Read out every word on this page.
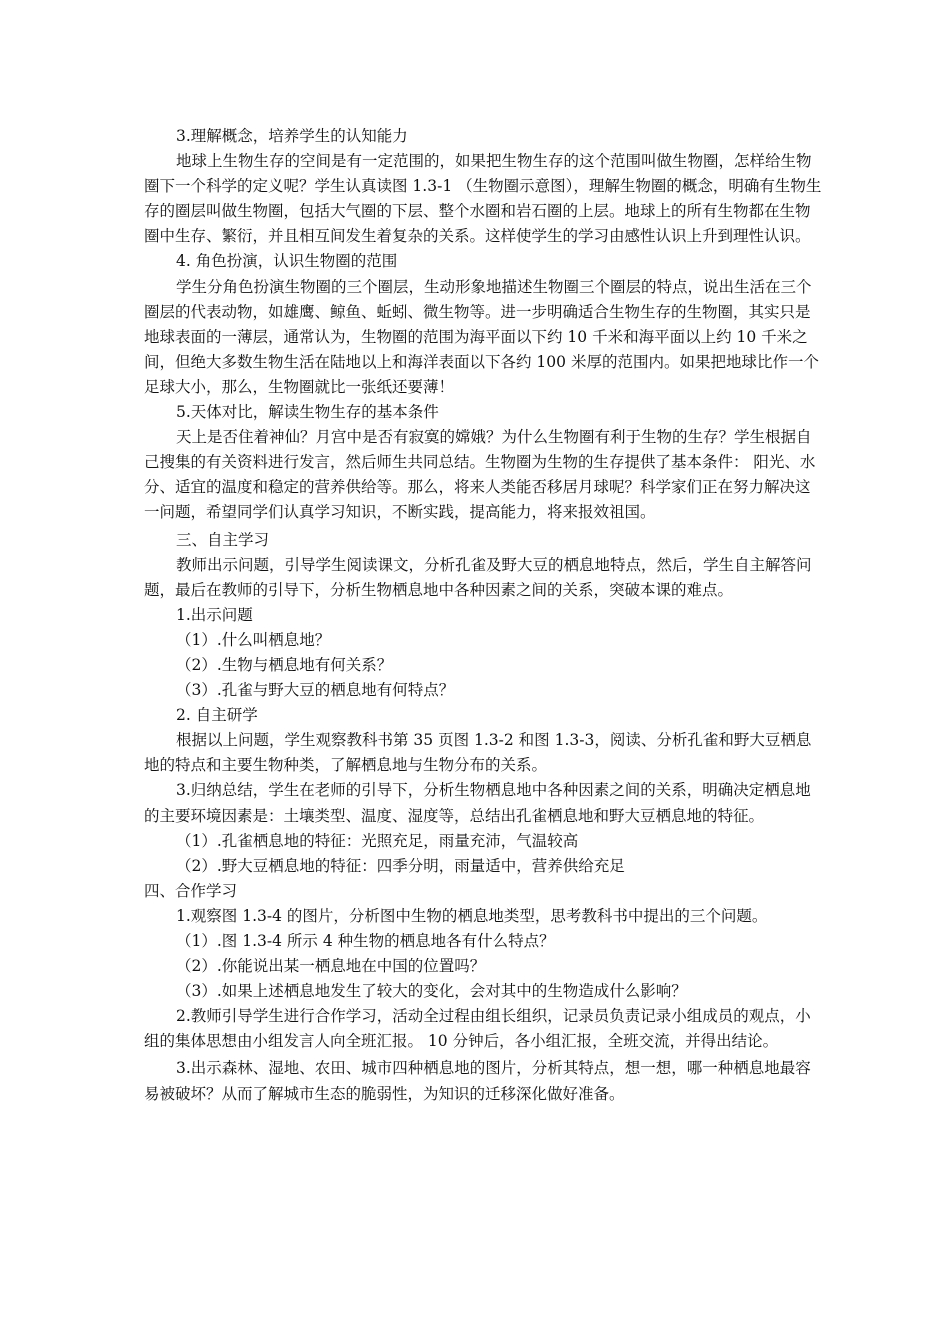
3.理解概念，培养学生的认知能力

地球上生物生存的空间是有一定范围的，如果把生物生存的这个范围叫做生物圈，怎样给生物圈下一个科学的定义呢？学生认真读图 1.3-1 （生物圈示意图），理解生物圈的概念，明确有生物生存的圈层叫做生物圈，包括大气圈的下层、整个水圈和岩石圈的上层。地球上的所有生物都在生物圈中生存、繁衍，并且相互间发生着复杂的关系。这样使学生的学习由感性认识上升到理性认识。

4. 角色扮演，认识生物圈的范围

学生分角色扮演生物圈的三个圈层，生动形象地描述生物圈三个圈层的特点，说出生活在三个圈层的代表动物，如雄鹰、鲸鱼、蚯蚓、微生物等。进一步明确适合生物生存的生物圈，其实只是地球表面的一薄层，通常认为，生物圈的范围为海平面以下约 10 千米和海平面以上约 10 千米之间，但绝大多数生物生活在陆地以上和海洋表面以下各约 100 米厚的范围内。如果把地球比作一个足球大小，那么，生物圈就比一张纸还要薄！

5.天体对比，解读生物生存的基本条件

天上是否住着神仙？月宫中是否有寂寞的嫦娥？为什么生物圈有利于生物的生存？学生根据自己搜集的有关资料进行发言，然后师生共同总结。生物圈为生物的生存提供了基本条件： 阳光、水分、适宜的温度和稳定的营养供给等。那么，将来人类能否移居月球呢？科学家们正在努力解决这一问题，希望同学们认真学习知识，不断实践，提高能力，将来报效祖国。

三、自主学习

教师出示问题，引导学生阅读课文，分析孔雀及野大豆的栖息地特点，然后，学生自主解答问题，最后在教师的引导下，分析生物栖息地中各种因素之间的关系，突破本课的难点。

1.出示问题

（1）.什么叫栖息地？

（2）.生物与栖息地有何关系？

（3）.孔雀与野大豆的栖息地有何特点？

2. 自主研学

根据以上问题，学生观察教科书第 35 页图 1.3-2 和图 1.3-3，阅读、分析孔雀和野大豆栖息地的特点和主要生物种类，了解栖息地与生物分布的关系。

3.归纳总结，学生在老师的引导下，分析生物栖息地中各种因素之间的关系，明确决定栖息地的主要环境因素是：土壤类型、温度、湿度等，总结出孔雀栖息地和野大豆栖息地的特征。

（1）.孔雀栖息地的特征：光照充足，雨量充沛，气温较高

（2）.野大豆栖息地的特征：四季分明，雨量适中，营养供给充足

四、合作学习

1.观察图 1.3-4 的图片，分析图中生物的栖息地类型，思考教科书中提出的三个问题。

（1）.图 1.3-4 所示 4 种生物的栖息地各有什么特点？

（2）.你能说出某一栖息地在中国的位置吗？

（3）.如果上述栖息地发生了较大的变化，会对其中的生物造成什么影响？

2.教师引导学生进行合作学习，活动全过程由组长组织，记录员负责记录小组成员的观点，小组的集体思想由小组发言人向全班汇报。 10 分钟后，各小组汇报，全班交流，并得出结论。

3.出示森林、湿地、农田、城市四种栖息地的图片，分析其特点，想一想，哪一种栖息地最容易被破坏？从而了解城市生态的脆弱性，为知识的迁移深化做好准备。
